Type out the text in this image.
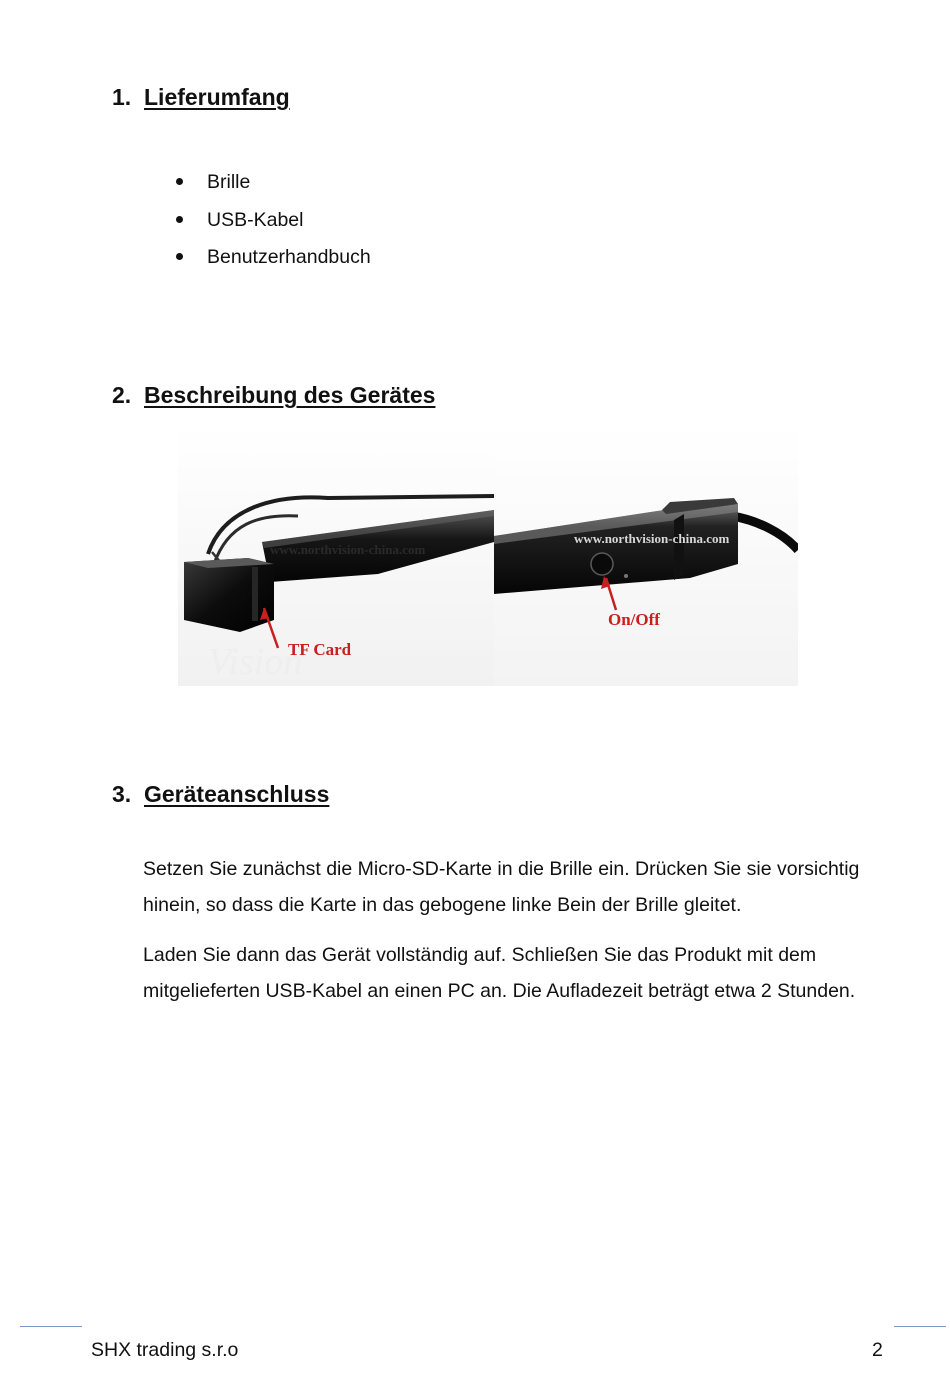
1. Lieferumfang
Brille
USB-Kabel
Benutzerhandbuch
2. Beschreibung des Gerätes
Vision
www.northvision-china.com
TF Card
www.northvision-china.com
On/Off
3. Geräteanschluss

Setzen Sie zunächst die Micro-SD-Karte in die Brille ein. Drücken Sie sie vorsichtig hinein, so dass die Karte in das gebogene linke Bein der Brille gleitet.

Laden Sie dann das Gerät vollständig auf. Schließen Sie das Produkt mit dem mitgelieferten USB-Kabel an einen PC an. Die Aufladezeit beträgt etwa 2 Stunden.

SHX trading s.r.o	2
